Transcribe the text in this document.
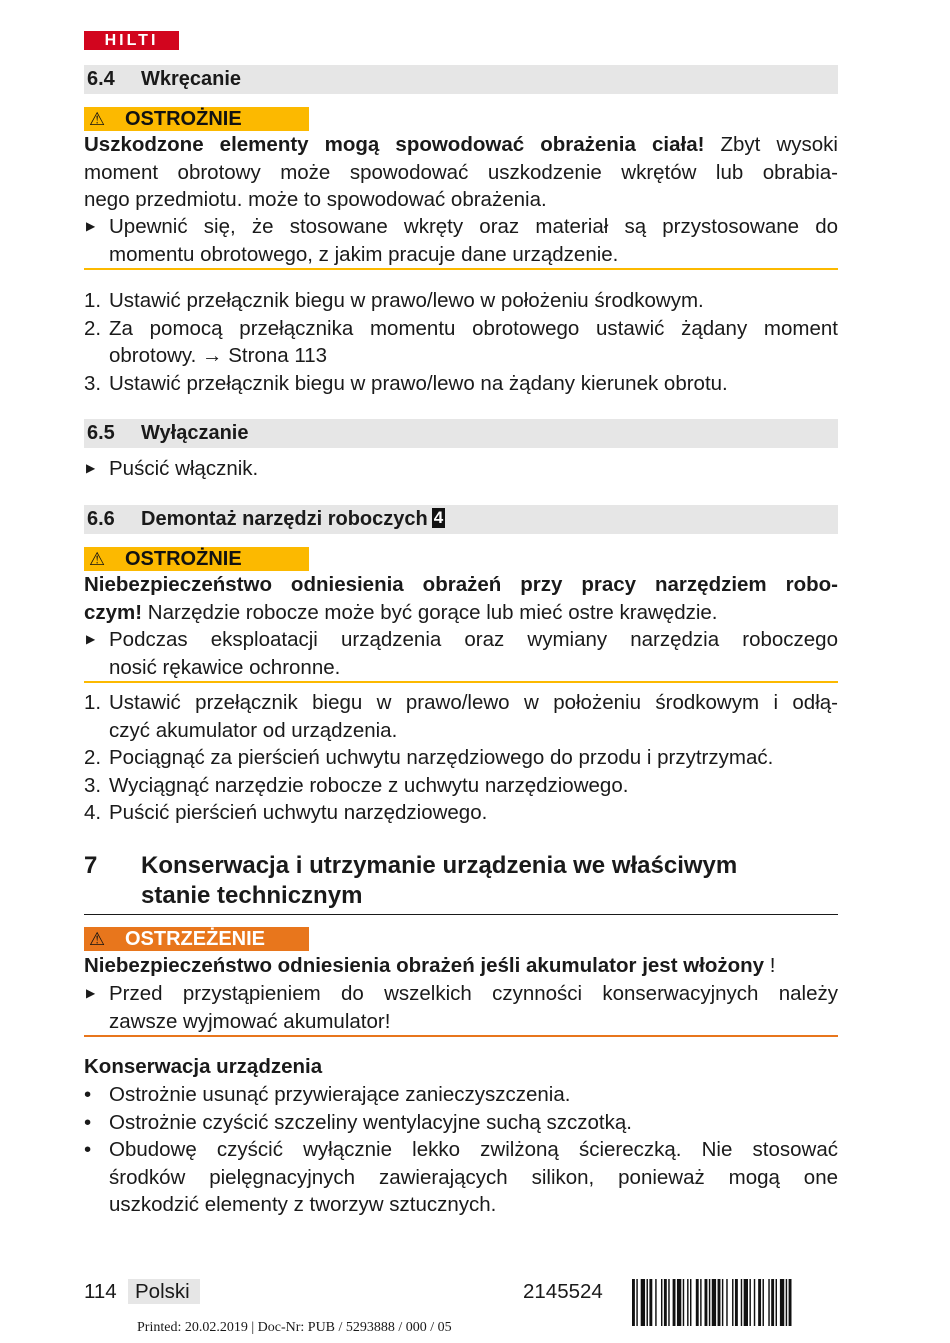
HILTI
6.4 Wkręcanie
⚠ OSTROŻNIE
Uszkodzone elementy mogą spowodować obrażenia ciała! Zbyt wysoki
moment obrotowy może spowodować uszkodzenie wkrętów lub obrabia-
nego przedmiotu. może to spowodować obrażenia.
▶ Upewnić się, że stosowane wkręty oraz materiał są przystosowane do
momentu obrotowego, z jakim pracuje dane urządzenie.
1. Ustawić przełącznik biegu w prawo/lewo w położeniu środkowym.
2. Za pomocą przełącznika momentu obrotowego ustawić żądany moment
obrotowy. → Strona 113
3. Ustawić przełącznik biegu w prawo/lewo na żądany kierunek obrotu.
6.5 Wyłączanie
▶ Puścić włącznik.
6.6 Demontaż narzędzi roboczych 4
⚠ OSTROŻNIE
Niebezpieczeństwo odniesienia obrażeń przy pracy narzędziem robo-
czym! Narzędzie robocze może być gorące lub mieć ostre krawędzie.
▶ Podczas eksploatacji urządzenia oraz wymiany narzędzia roboczego
nosić rękawice ochronne.
1. Ustawić przełącznik biegu w prawo/lewo w położeniu środkowym i odłą-
czyć akumulator od urządzenia.
2. Pociągnąć za pierścień uchwytu narzędziowego do przodu i przytrzymać.
3. Wyciągnąć narzędzie robocze z uchwytu narzędziowego.
4. Puścić pierścień uchwytu narzędziowego.
7 Konserwacja i utrzymanie urządzenia we właściwym
stanie technicznym
⚠ OSTRZEŻENIE
Niebezpieczeństwo odniesienia obrażeń jeśli akumulator jest włożony !
▶ Przed przystąpieniem do wszelkich czynności konserwacyjnych należy
zawsze wyjmować akumulator!
Konserwacja urządzenia
• Ostrożnie usunąć przywierające zanieczyszczenia.
• Ostrożnie czyścić szczeliny wentylacyjne suchą szczotką.
• Obudowę czyścić wyłącznie lekko zwilżoną ściereczką. Nie stosować
środków pielęgnacyjnych zawierających silikon, ponieważ mogą one
uszkodzić elementy z tworzyw sztucznych.
114 Polski	2145524
Printed: 20.02.2019 | Doc-Nr: PUB / 5293888 / 000 / 05
